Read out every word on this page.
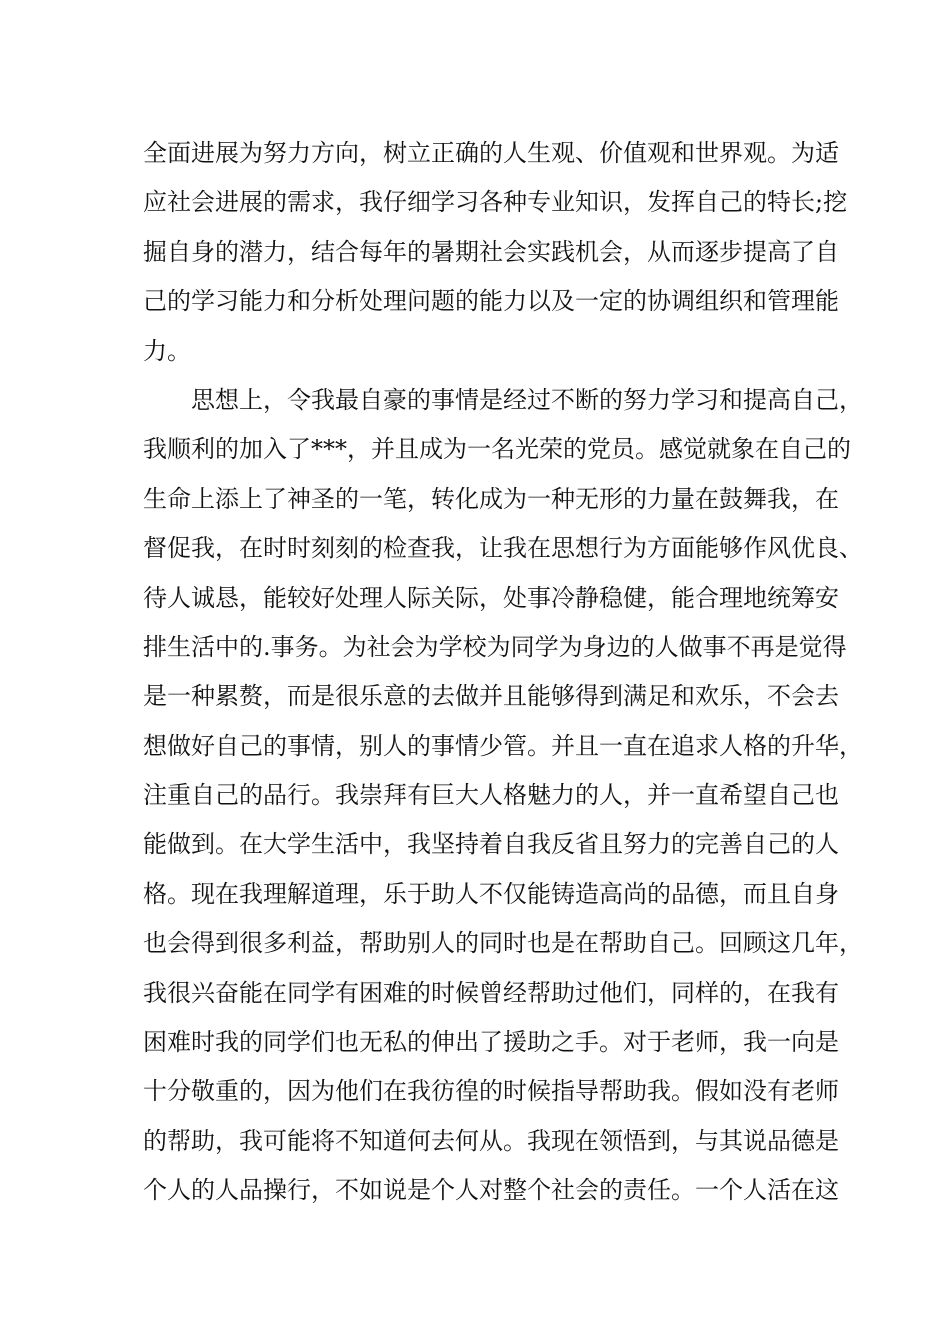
全面进展为努力方向，树立正确的人生观、价值观和世界观。为适
应社会进展的需求，我仔细学习各种专业知识，发挥自己的特长;挖
掘自身的潜力，结合每年的暑期社会实践机会，从而逐步提高了自
己的学习能力和分析处理问题的能力以及一定的协调组织和管理能
力。
思想上，令我最自豪的事情是经过不断的努力学习和提高自己，
我顺利的加入了***，并且成为一名光荣的党员。感觉就象在自己的
生命上添上了神圣的一笔，转化成为一种无形的力量在鼓舞我，在
督促我，在时时刻刻的检查我，让我在思想行为方面能够作风优良、
待人诚恳，能较好处理人际关际，处事冷静稳健，能合理地统筹安
排生活中的.事务。为社会为学校为同学为身边的人做事不再是觉得
是一种累赘，而是很乐意的去做并且能够得到满足和欢乐，不会去
想做好自己的事情，别人的事情少管。并且一直在追求人格的升华，
注重自己的品行。我崇拜有巨大人格魅力的人，并一直希望自己也
能做到。在大学生活中，我坚持着自我反省且努力的完善自己的人
格。现在我理解道理，乐于助人不仅能铸造高尚的品德，而且自身
也会得到很多利益，帮助别人的同时也是在帮助自己。回顾这几年，
我很兴奋能在同学有困难的时候曾经帮助过他们，同样的，在我有
困难时我的同学们也无私的伸出了援助之手。对于老师，我一向是
十分敬重的，因为他们在我彷徨的时候指导帮助我。假如没有老师
的帮助，我可能将不知道何去何从。我现在领悟到，与其说品德是
个人的人品操行，不如说是个人对整个社会的责任。一个人活在这
